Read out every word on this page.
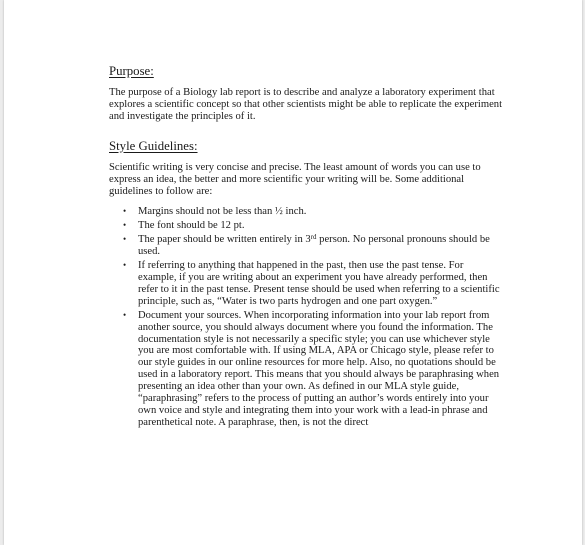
Purpose:

The purpose of a Biology lab report is to describe and analyze a laboratory experiment that explores a scientific concept so that other scientists might be able to replicate the experiment and investigate the principles of it.

Style Guidelines:

Scientific writing is very concise and precise. The least amount of words you can use to express an idea, the better and more scientific your writing will be. Some additional guidelines to follow are:

• Margins should not be less than ½ inch.
• The font should be 12 pt.
• The paper should be written entirely in 3rd person. No personal pronouns should be used.
• If referring to anything that happened in the past, then use the past tense. For example, if you are writing about an experiment you have already performed, then refer to it in the past tense. Present tense should be used when referring to a scientific principle, such as, “Water is two parts hydrogen and one part oxygen.”
• Document your sources. When incorporating information into your lab report from another source, you should always document where you found the information. The documentation style is not necessarily a specific style; you can use whichever style you are most comfortable with. If using MLA, APA or Chicago style, please refer to our style guides in our online resources for more help. Also, no quotations should be used in a laboratory report. This means that you should always be paraphrasing when presenting an idea other than your own. As defined in our MLA style guide, “paraphrasing” refers to the process of putting an author’s words entirely into your own voice and style and integrating them into your work with a lead-in phrase and parenthetical note. A paraphrase, then, is not the direct
